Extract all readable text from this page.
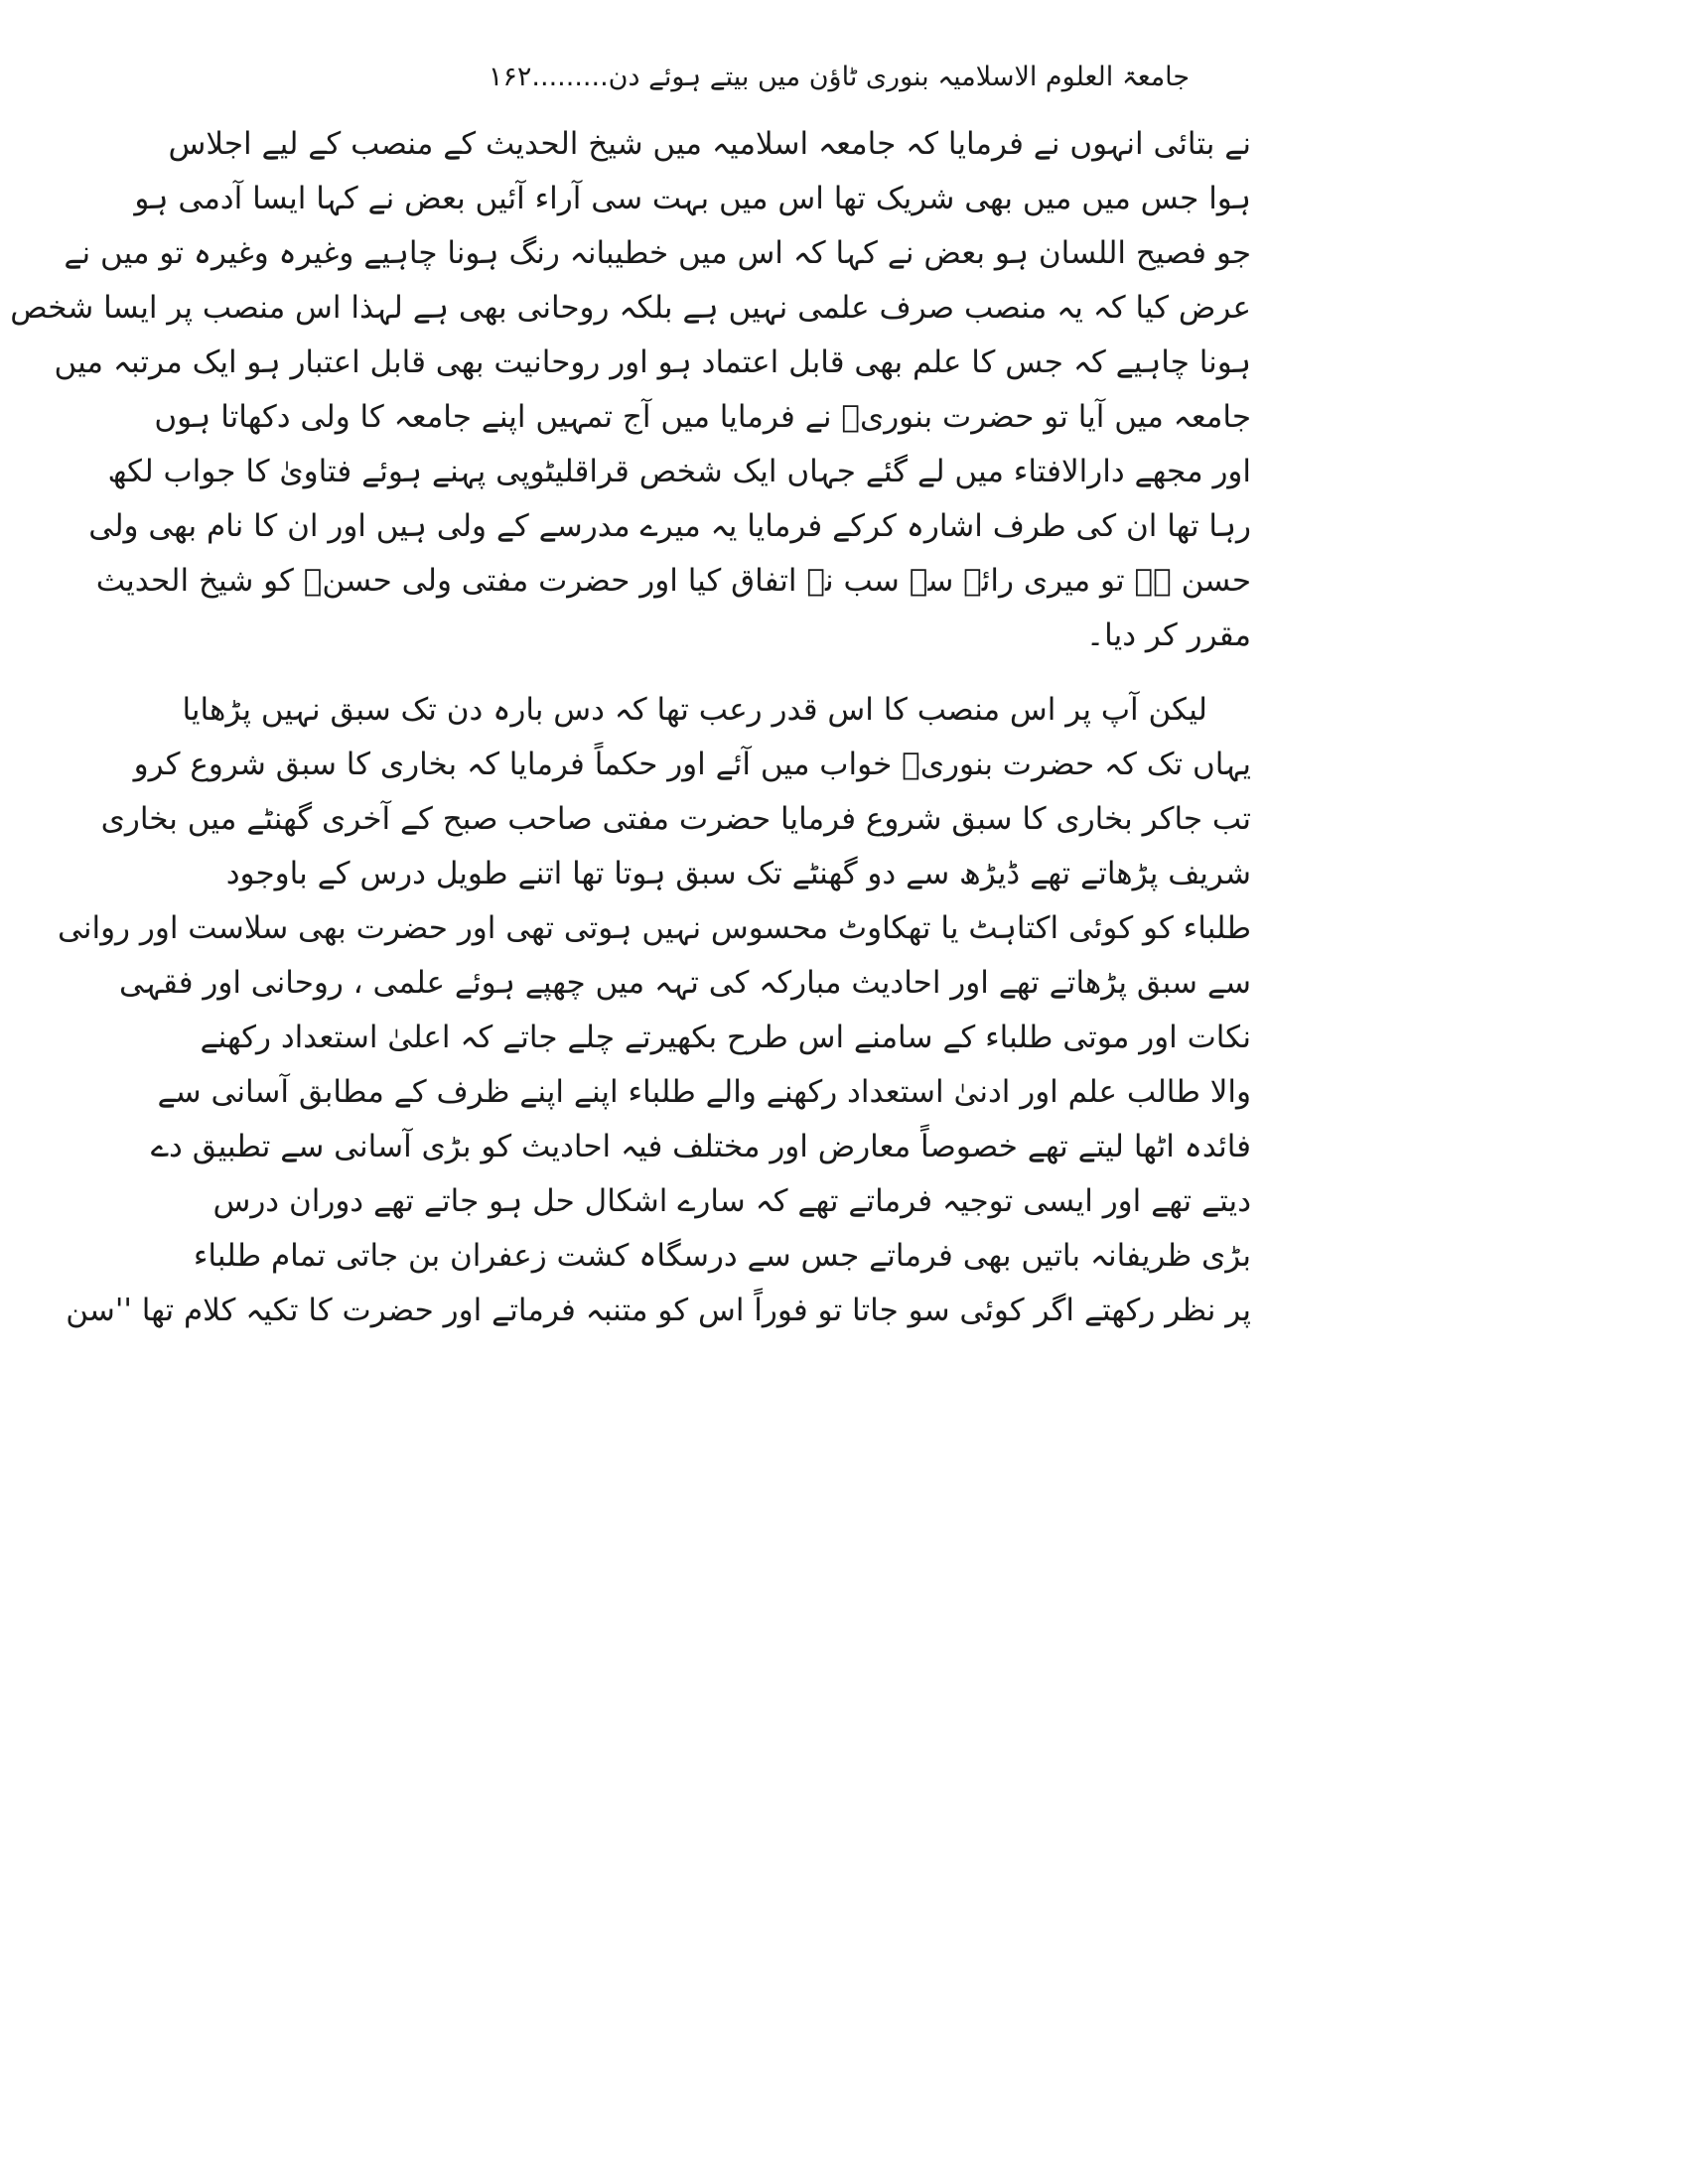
جامعۃ العلوم الاسلامیہ بنوری ٹاؤن میں بیتے ہوئے دن.........۱۶۲
نے بتائی انہوں نے فرمایا کہ جامعہ اسلامیہ میں شیخ الحدیث کے منصب کے لیے اجلاس
ہوا جس میں میں بھی شریک تھا اس میں بہت سی آراء آئیں بعض نے کہا ایسا آدمی ہو
جو فصیح اللسان ہو بعض نے کہا کہ اس میں خطیبانہ رنگ ہونا چاہیے وغیرہ وغیرہ تو میں نے
عرض کیا کہ یہ منصب صرف علمی نہیں ہے بلکہ روحانی بھی ہے لہذا اس منصب پر ایسا شخص
ہونا چاہیے کہ جس کا علم بھی قابل اعتماد ہو اور روحانیت بھی قابل اعتبار ہو ایک مرتبہ میں
جامعہ میں آیا تو حضرت بنوریؒ نے فرمایا میں آج تمہیں اپنے جامعہ کا ولی دکھاتا ہوں
اور مجھے دارالافتاء میں لے گئے جہاں ایک شخص قراقلیٹوپی پہنے ہوئے فتاویٰ کا جواب لکھ
رہا تھا ان کی طرف اشارہ کرکے فرمایا یہ میرے مدرسے کے ولی ہیں اور ان کا نام بھی ولی
حسن ہے تو میری رائے سے سب نے اتفاق کیا اور حضرت مفتی ولی حسنؒ کو شیخ الحدیث
مقرر کر دیا۔
لیکن آپ پر اس منصب کا اس قدر رعب تھا کہ دس بارہ دن تک سبق نہیں پڑھایا
یہاں تک کہ حضرت بنوریؒ خواب میں آئے اور حکماً فرمایا کہ بخاری کا سبق شروع کرو
تب جاکر بخاری کا سبق شروع فرمایا حضرت مفتی صاحب صبح کے آخری گھنٹے میں بخاری
شریف پڑھاتے تھے ڈیڑھ سے دو گھنٹے تک سبق ہوتا تھا اتنے طویل درس کے باوجود
طلباء کو کوئی اکتاہٹ یا تھکاوٹ محسوس نہیں ہوتی تھی اور حضرت بھی سلاست اور روانی
سے سبق پڑھاتے تھے اور احادیث مبارکہ کی تہہ میں چھپے ہوئے علمی ، روحانی اور فقہی
نکات اور موتی طلباء کے سامنے اس طرح بکھیرتے چلے جاتے کہ اعلیٰ استعداد رکھنے
والا طالب علم اور ادنیٰ استعداد رکھنے والے طلباء اپنے اپنے ظرف کے مطابق آسانی سے
فائدہ اٹھا لیتے تھے خصوصاً معارض اور مختلف فیہ احادیث کو بڑی آسانی سے تطبیق دے
دیتے تھے اور ایسی توجیہ فرماتے تھے کہ سارے اشکال حل ہو جاتے تھے دوران درس
بڑی ظریفانہ باتیں بھی فرماتے جس سے درسگاہ کشت زعفران بن جاتی تمام طلباء
پر نظر رکھتے اگر کوئی سو جاتا تو فوراً اس کو متنبہ فرماتے اور حضرت کا تکیہ کلام تھا ''سن
